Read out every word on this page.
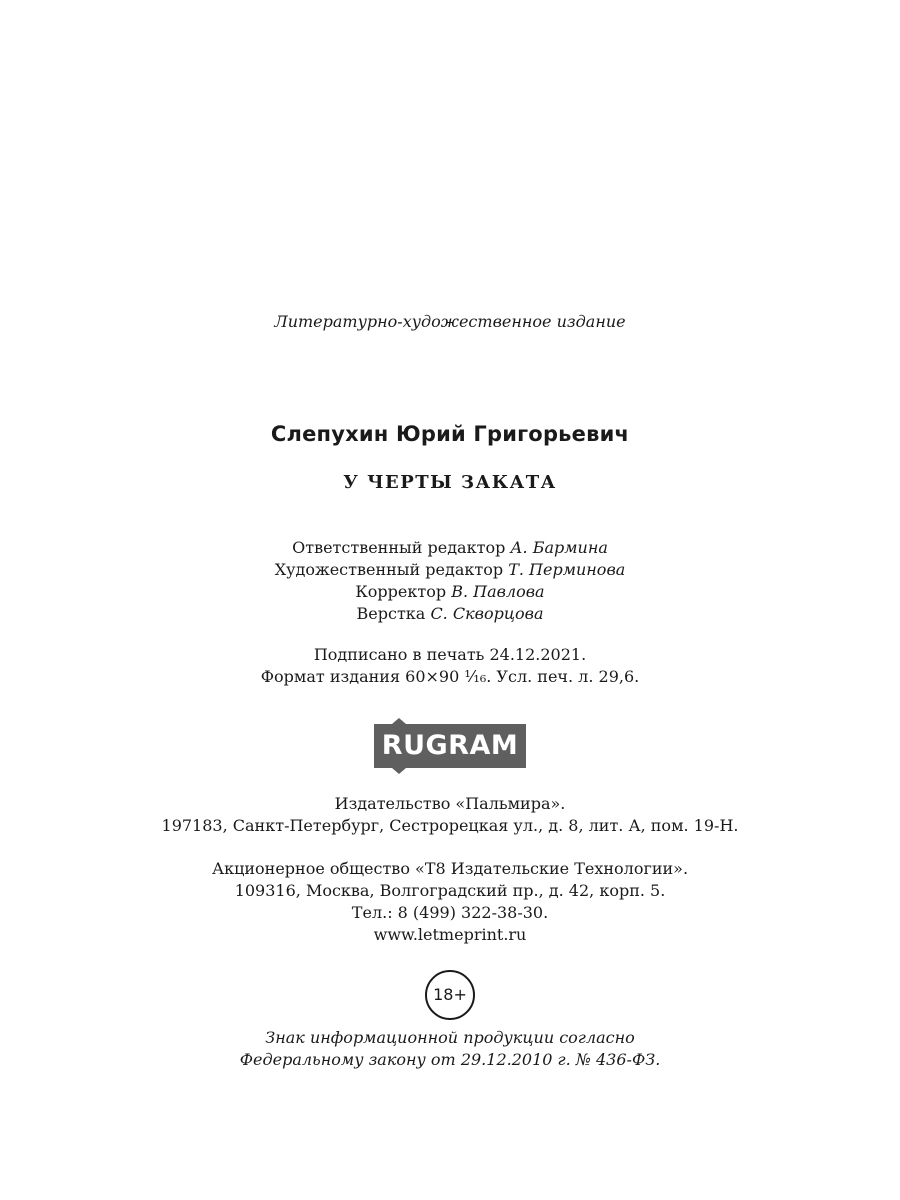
Литературно-художественное издание
Слепухин Юрий Григорьевич
У ЧЕРТЫ ЗАКАТА
Ответственный редактор А. Бармина
Художественный редактор Т. Перминова
Корректор В. Павлова
Верстка С. Скворцова
Подписано в печать 24.12.2021.
Формат издания 60×90 ¹⁄₁₆. Усл. печ. л. 29,6.
RUGRAM
Издательство «Пальмира».
197183, Санкт-Петербург, Сестрорецкая ул., д. 8, лит. А, пом. 19-Н.
Акционерное общество «Т8 Издательские Технологии».
109316, Москва, Волгоградский пр., д. 42, корп. 5.
Тел.: 8 (499) 322-38-30.
www.letmeprint.ru
18+
Знак информационной продукции согласно
Федеральному закону от 29.12.2010 г. № 436-ФЗ.
